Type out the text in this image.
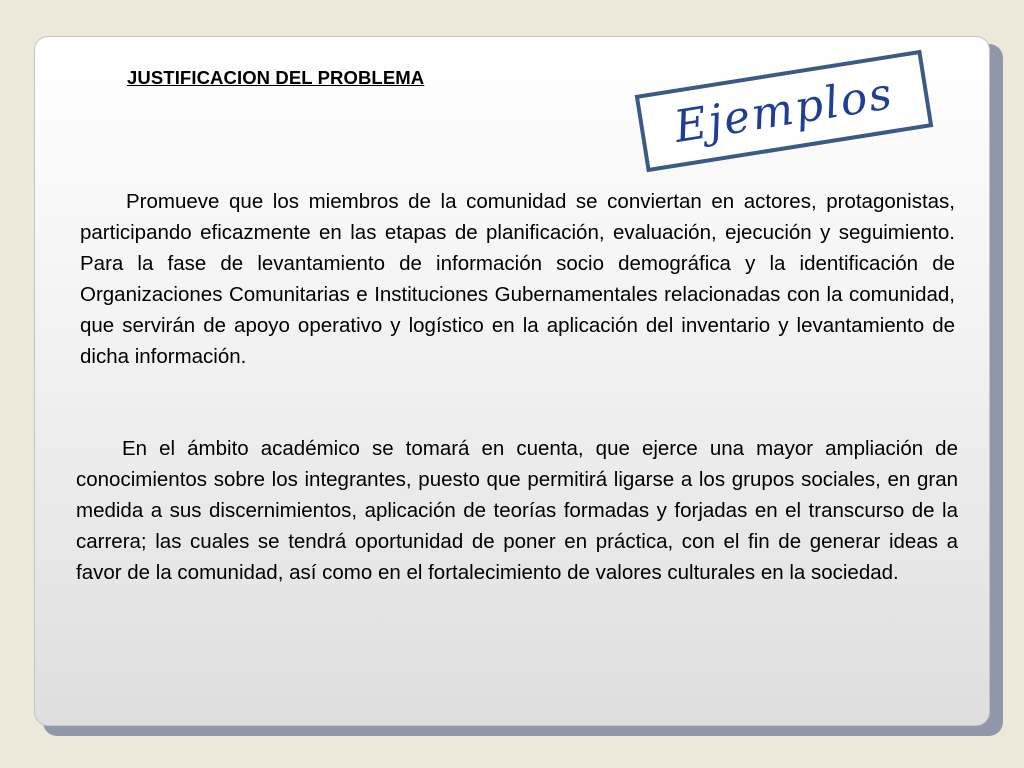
JUSTIFICACION DEL PROBLEMA	Ejemplos

Promueve que los miembros de la comunidad se conviertan en actores, protagonistas, participando eficazmente en las etapas de planificación, evaluación, ejecución y seguimiento. Para la fase de levantamiento de información socio demográfica y la identificación de Organizaciones Comunitarias e Instituciones Gubernamentales relacionadas con la comunidad, que servirán de apoyo operativo y logístico en la aplicación del inventario y levantamiento de dicha información.

En el ámbito académico se tomará en cuenta, que ejerce una mayor ampliación de conocimientos sobre los integrantes, puesto que permitirá ligarse a los grupos sociales, en gran medida a sus discernimientos, aplicación de teorías formadas y forjadas en el transcurso de la carrera; las cuales se tendrá oportunidad de poner en práctica, con el fin de generar ideas a favor de la comunidad, así como en el fortalecimiento de valores culturales en la sociedad.
